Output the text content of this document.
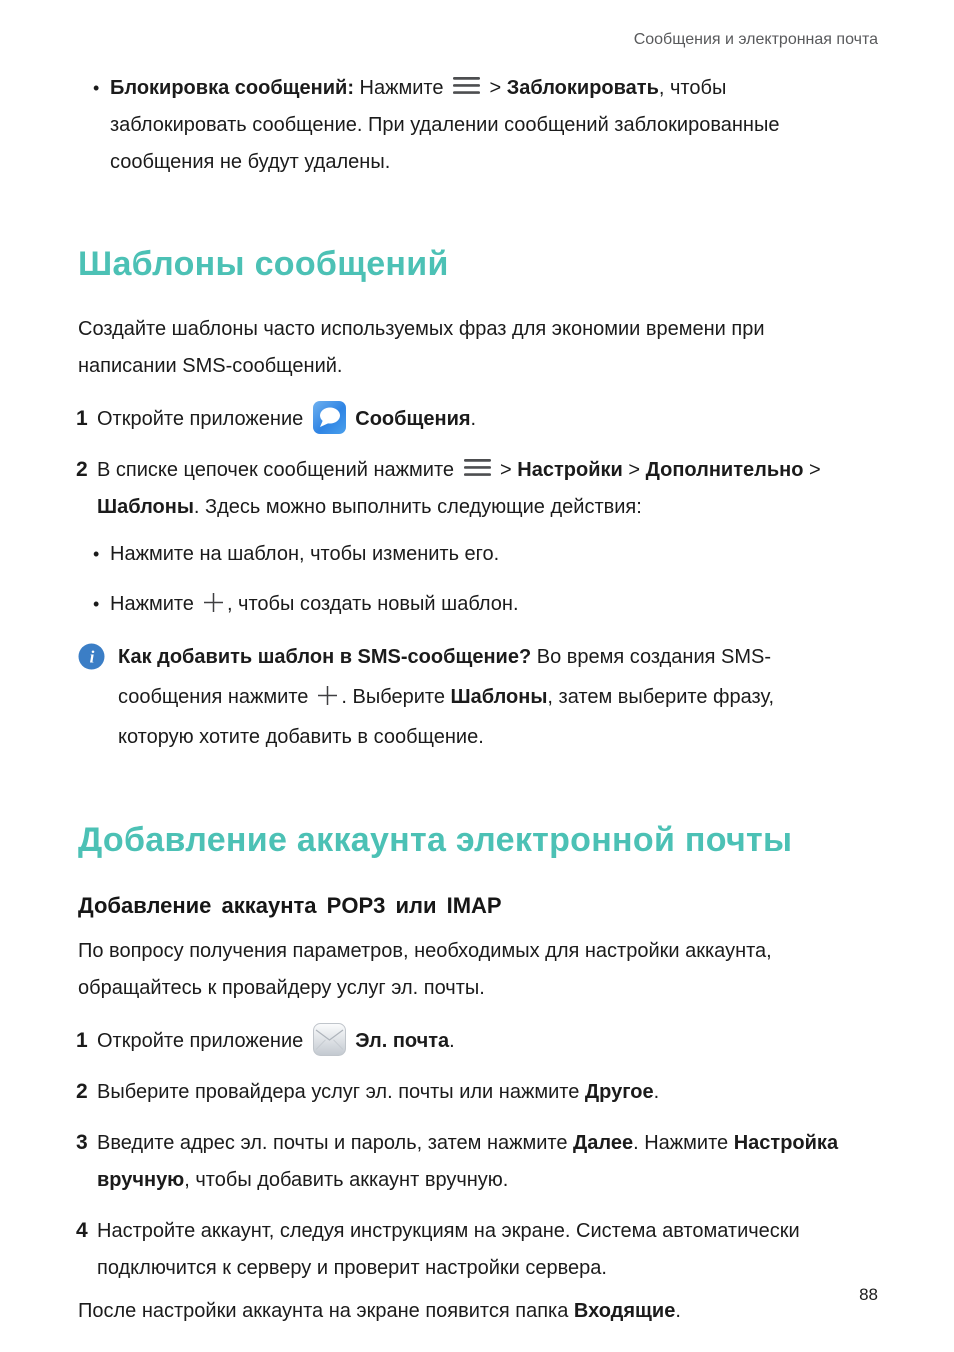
Сообщения и электронная почта
• Блокировка сообщений: Нажмите > Заблокировать, чтобы
заблокировать сообщение. При удалении сообщений заблокированные
сообщения не будут удалены.
Шаблоны сообщений

Создайте шаблоны часто используемых фраз для экономии времени при
написании SMS-сообщений.

1 Откройте приложение	Сообщения.
2 В списке цепочек сообщений нажмите > Настройки > Дополнительно >
Шаблоны. Здесь можно выполнить следующие действия:
• Нажмите на шаблон, чтобы изменить его.
• Нажмите , чтобы создать новый шаблон.
i Как добавить шаблон в SMS-сообщение? Во время создания SMS-
сообщения нажмите . Выберите Шаблоны, затем выберите фразу,
которую хотите добавить в сообщение.
Добавление аккаунта электронной почты
Добавление аккаунта POP3 или IMAP

По вопросу получения параметров, необходимых для настройки аккаунта,
обращайтесь к провайдеру услуг эл. почты.

1 Откройте приложение	Эл. почта.
2 Выберите провайдера услуг эл. почты или нажмите Другое.
3 Введите адрес эл. почты и пароль, затем нажмите Далее. Нажмите Настройка
вручную, чтобы добавить аккаунт вручную.
4 Настройте аккаунт, следуя инструкциям на экране. Система автоматически
подключится к серверу и проверит настройки сервера.

После настройки аккаунта на экране появится папка Входящие.

88
